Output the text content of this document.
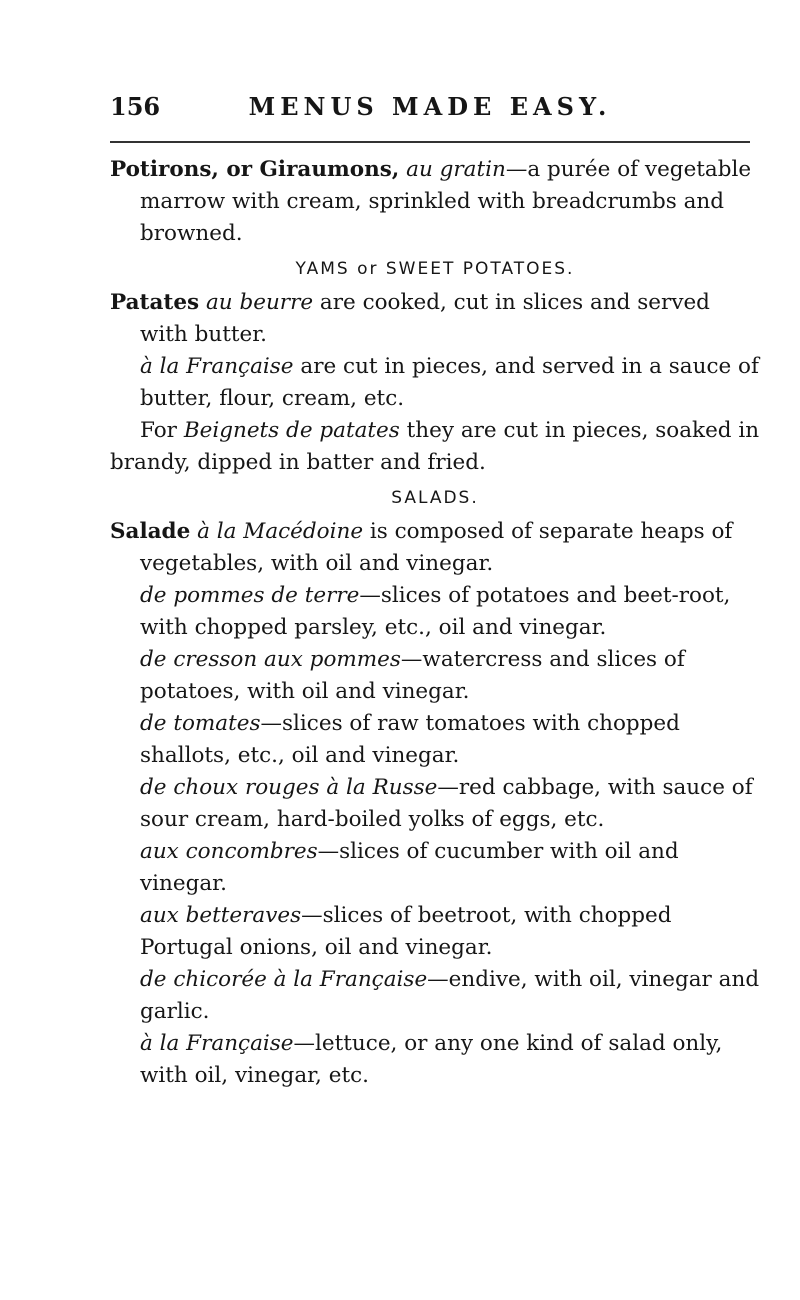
156	MENUS MADE EASY.

Potirons, or Giraumons, au gratin—a purée of vegetable marrow with cream, sprinkled with breadcrumbs and browned.

YAMS or SWEET POTATOES.

Patates au beurre are cooked, cut in slices and served with butter.

à la Française are cut in pieces, and served in a sauce of butter, flour, cream, etc.

For Beignets de patates they are cut in pieces, soaked in brandy, dipped in batter and fried.

SALADS.

Salade à la Macédoine is composed of separate heaps of vegetables, with oil and vinegar.

de pommes de terre—slices of potatoes and beet-root, with chopped parsley, etc., oil and vinegar.

de cresson aux pommes—watercress and slices of potatoes, with oil and vinegar.

de tomates—slices of raw tomatoes with chopped shallots, etc., oil and vinegar.

de choux rouges à la Russe—red cabbage, with sauce of sour cream, hard-boiled yolks of eggs, etc.

aux concombres—slices of cucumber with oil and vinegar.

aux betteraves—slices of beetroot, with chopped Portugal onions, oil and vinegar.

de chicorée à la Française—endive, with oil, vinegar and garlic.

à la Française—lettuce, or any one kind of salad only, with oil, vinegar, etc.
